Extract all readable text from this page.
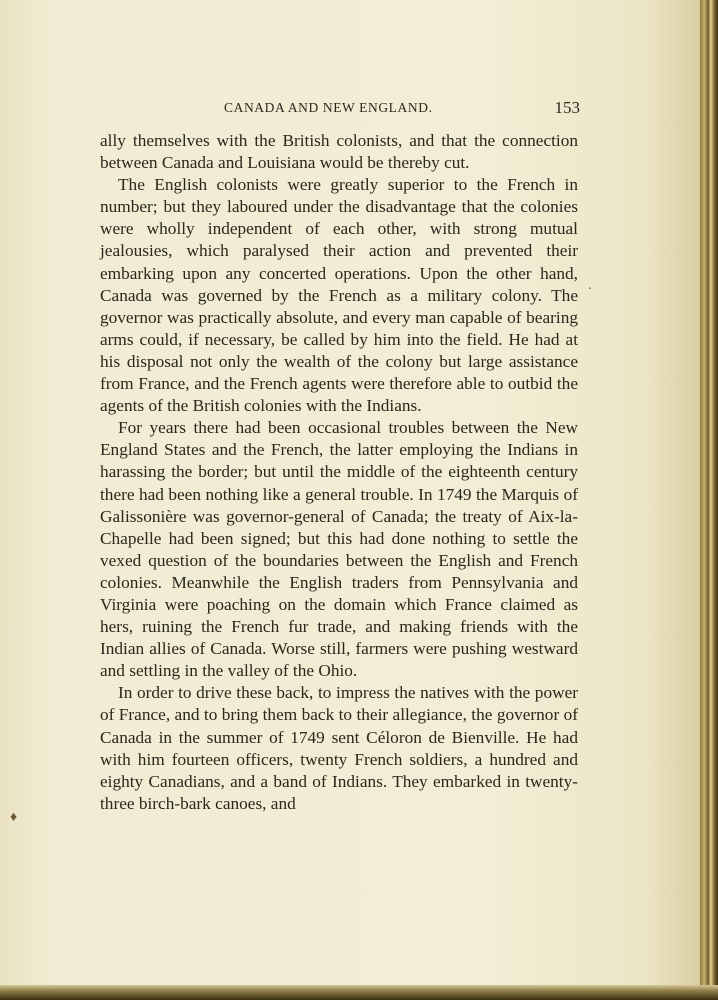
CANADA AND NEW ENGLAND.	153

ally themselves with the British colonists, and that the connection between Canada and Louisiana would be thereby cut.

The English colonists were greatly superior to the French in number; but they laboured under the disadvantage that the colonies were wholly independent of each other, with strong mutual jealousies, which paralysed their action and prevented their embarking upon any concerted operations. Upon the other hand, Canada was governed by the French as a military colony. The governor was practically absolute, and every man capable of bearing arms could, if necessary, be called by him into the field. He had at his disposal not only the wealth of the colony but large assistance from France, and the French agents were therefore able to outbid the agents of the British colonies with the Indians.

For years there had been occasional troubles between the New England States and the French, the latter employing the Indians in harassing the border; but until the middle of the eighteenth century there had been nothing like a general trouble. In 1749 the Marquis of Galissonière was governor-general of Canada; the treaty of Aix-la-Chapelle had been signed; but this had done nothing to settle the vexed question of the boundaries between the English and French colonies. Meanwhile the English traders from Pennsylvania and Virginia were poaching on the domain which France claimed as hers, ruining the French fur trade, and making friends with the Indian allies of Canada. Worse still, farmers were pushing westward and settling in the valley of the Ohio.

In order to drive these back, to impress the natives with the power of France, and to bring them back to their allegiance, the governor of Canada in the summer of 1749 sent Céloron de Bienville. He had with him fourteen officers, twenty French soldiers, a hundred and eighty Canadians, and a band of Indians. They embarked in twenty-three birch-bark canoes, and

.
♦
